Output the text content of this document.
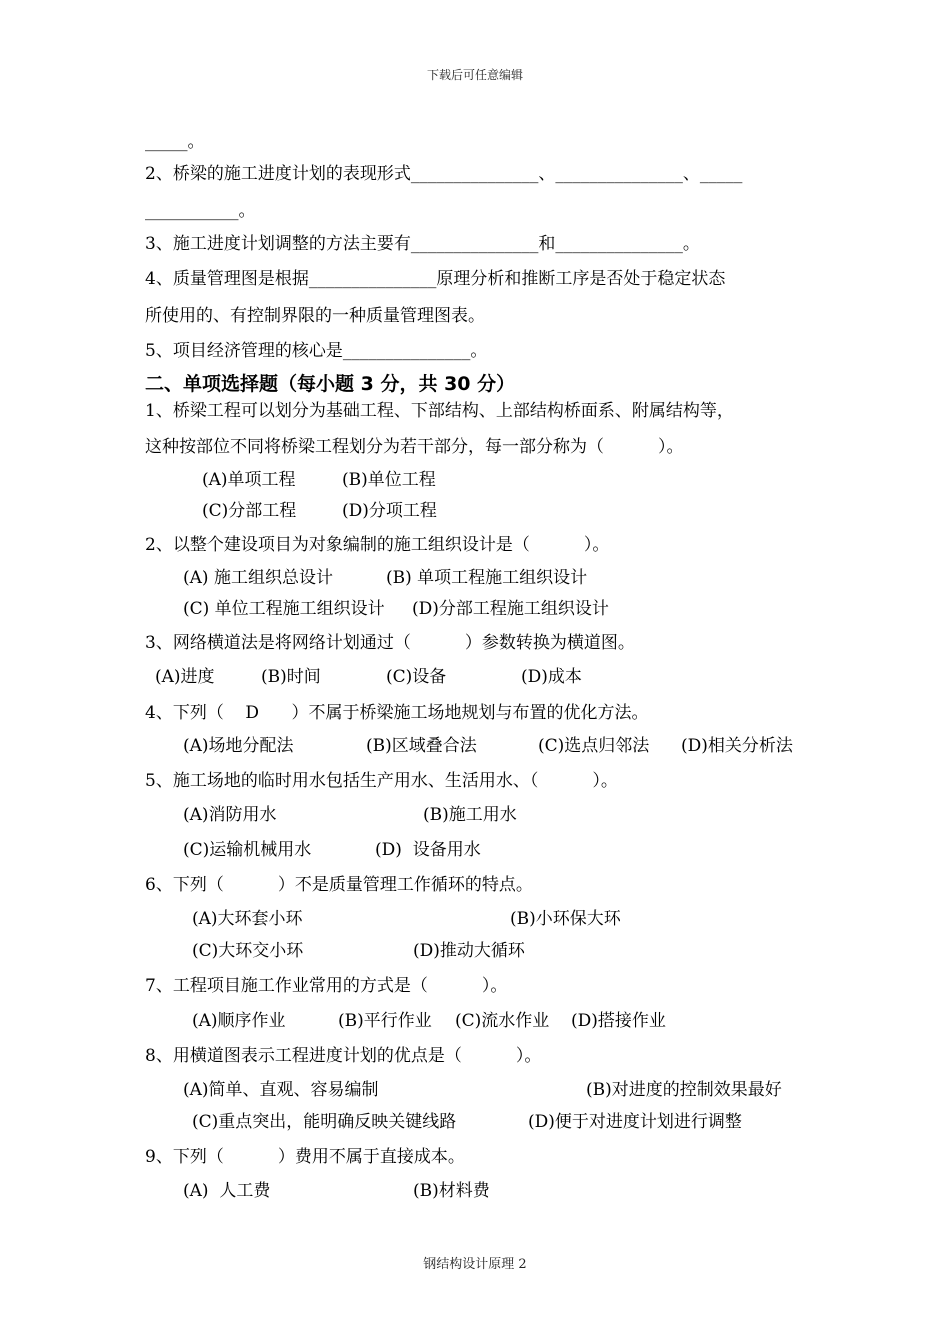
下载后可任意编辑
_____。
2、桥梁的施工进度计划的表现形式_______________、_______________、_____
___________。
3、施工进度计划调整的方法主要有_______________和_______________。
4、质量管理图是根据_______________原理分析和推断工序是否处于稳定状态
所使用的、有控制界限的一种质量管理图表。
5、项目经济管理的核心是_______________。
二、单项选择题（每小题 3 分，共 30 分）
1、桥梁工程可以划分为基础工程、下部结构、上部结构桥面系、附属结构等，
这种按部位不同将桥梁工程划分为若干部分，每一部分称为（          ）。
(A)单项工程	(B)单位工程
(C)分部工程	(D)分项工程
2、以整个建设项目为对象编制的施工组织设计是（          ）。
(A) 施工组织总设计	(B) 单项工程施工组织设计
(C) 单位工程施工组织设计 (D)分部工程施工组织设计
3、网络横道法是将网络计划通过（          ）参数转换为横道图。
(A)进度	(B)时间	(C)设备	(D)成本
4、下列（    D      ）不属于桥梁施工场地规划与布置的优化方法。
(A)场地分配法	(B)区域叠合法	(C)选点归邻法 (D)相关分析法
5、施工场地的临时用水包括生产用水、生活用水、（          ）。
(A)消防用水	(B)施工用水
(C)运输机械用水	(D)  设备用水
6、下列（          ）不是质量管理工作循环的特点。
(A)大环套小环	(B)小环保大环
(C)大环交小环	(D)推动大循环
7、工程项目施工作业常用的方式是（          ）。
(A)顺序作业	(B)平行作业 (C)流水作业 (D)搭接作业
8、用横道图表示工程进度计划的优点是（          ）。
(A)简单、直观、容易编制	(B)对进度的控制效果最好
(C)重点突出，能明确反映关键线路	(D)便于对进度计划进行调整
9、下列（          ）费用不属于直接成本。
(A)  人工费	(B)材料费
钢结构设计原理 2
